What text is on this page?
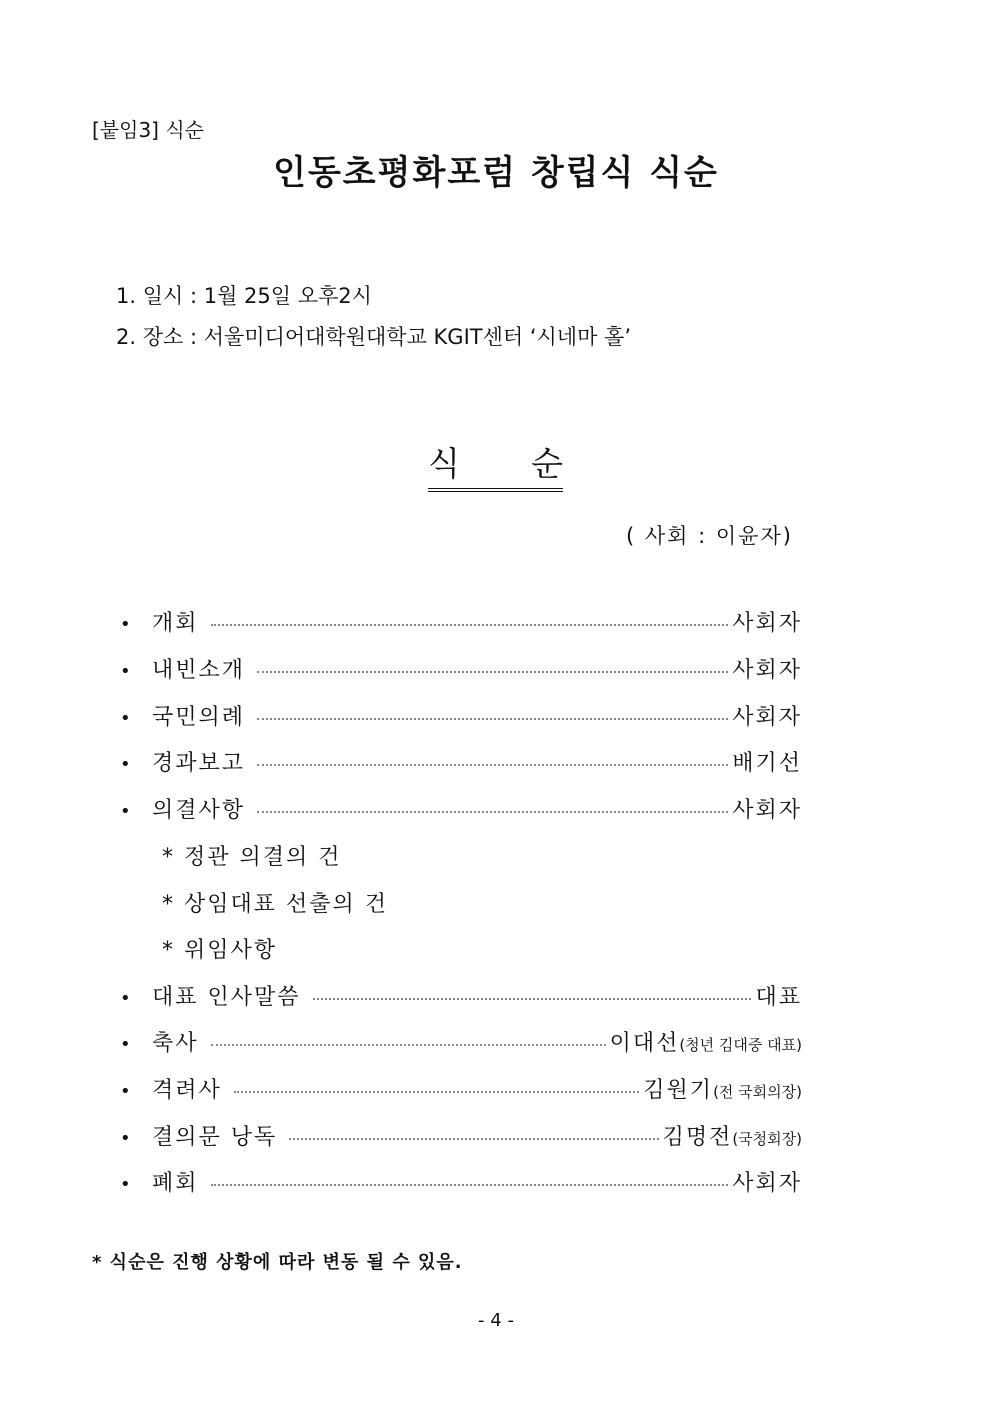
[붙임3] 식순
인동초평화포럼 창립식 식순
1. 일시 : 1월 25일 오후2시
2. 장소 : 서울미디어대학원대학교 KGIT센터 ‘시네마 홀’
식 순
( 사회 : 이윤자)
• 개회	사회자
• 내빈소개	사회자
• 국민의례	사회자
• 경과보고	배기선
• 의결사항	사회자
* 정관 의결의 건
* 상임대표 선출의 건
* 위임사항
• 대표 인사말씀	대표
• 축사	이대선 (청년 김대중 대표)
• 격려사	김원기 (전 국회의장)
• 결의문 낭독	김명전 (국청회장)
• 폐회	사회자
* 식순은 진행 상황에 따라 변동 될 수 있음.
- 4 -
